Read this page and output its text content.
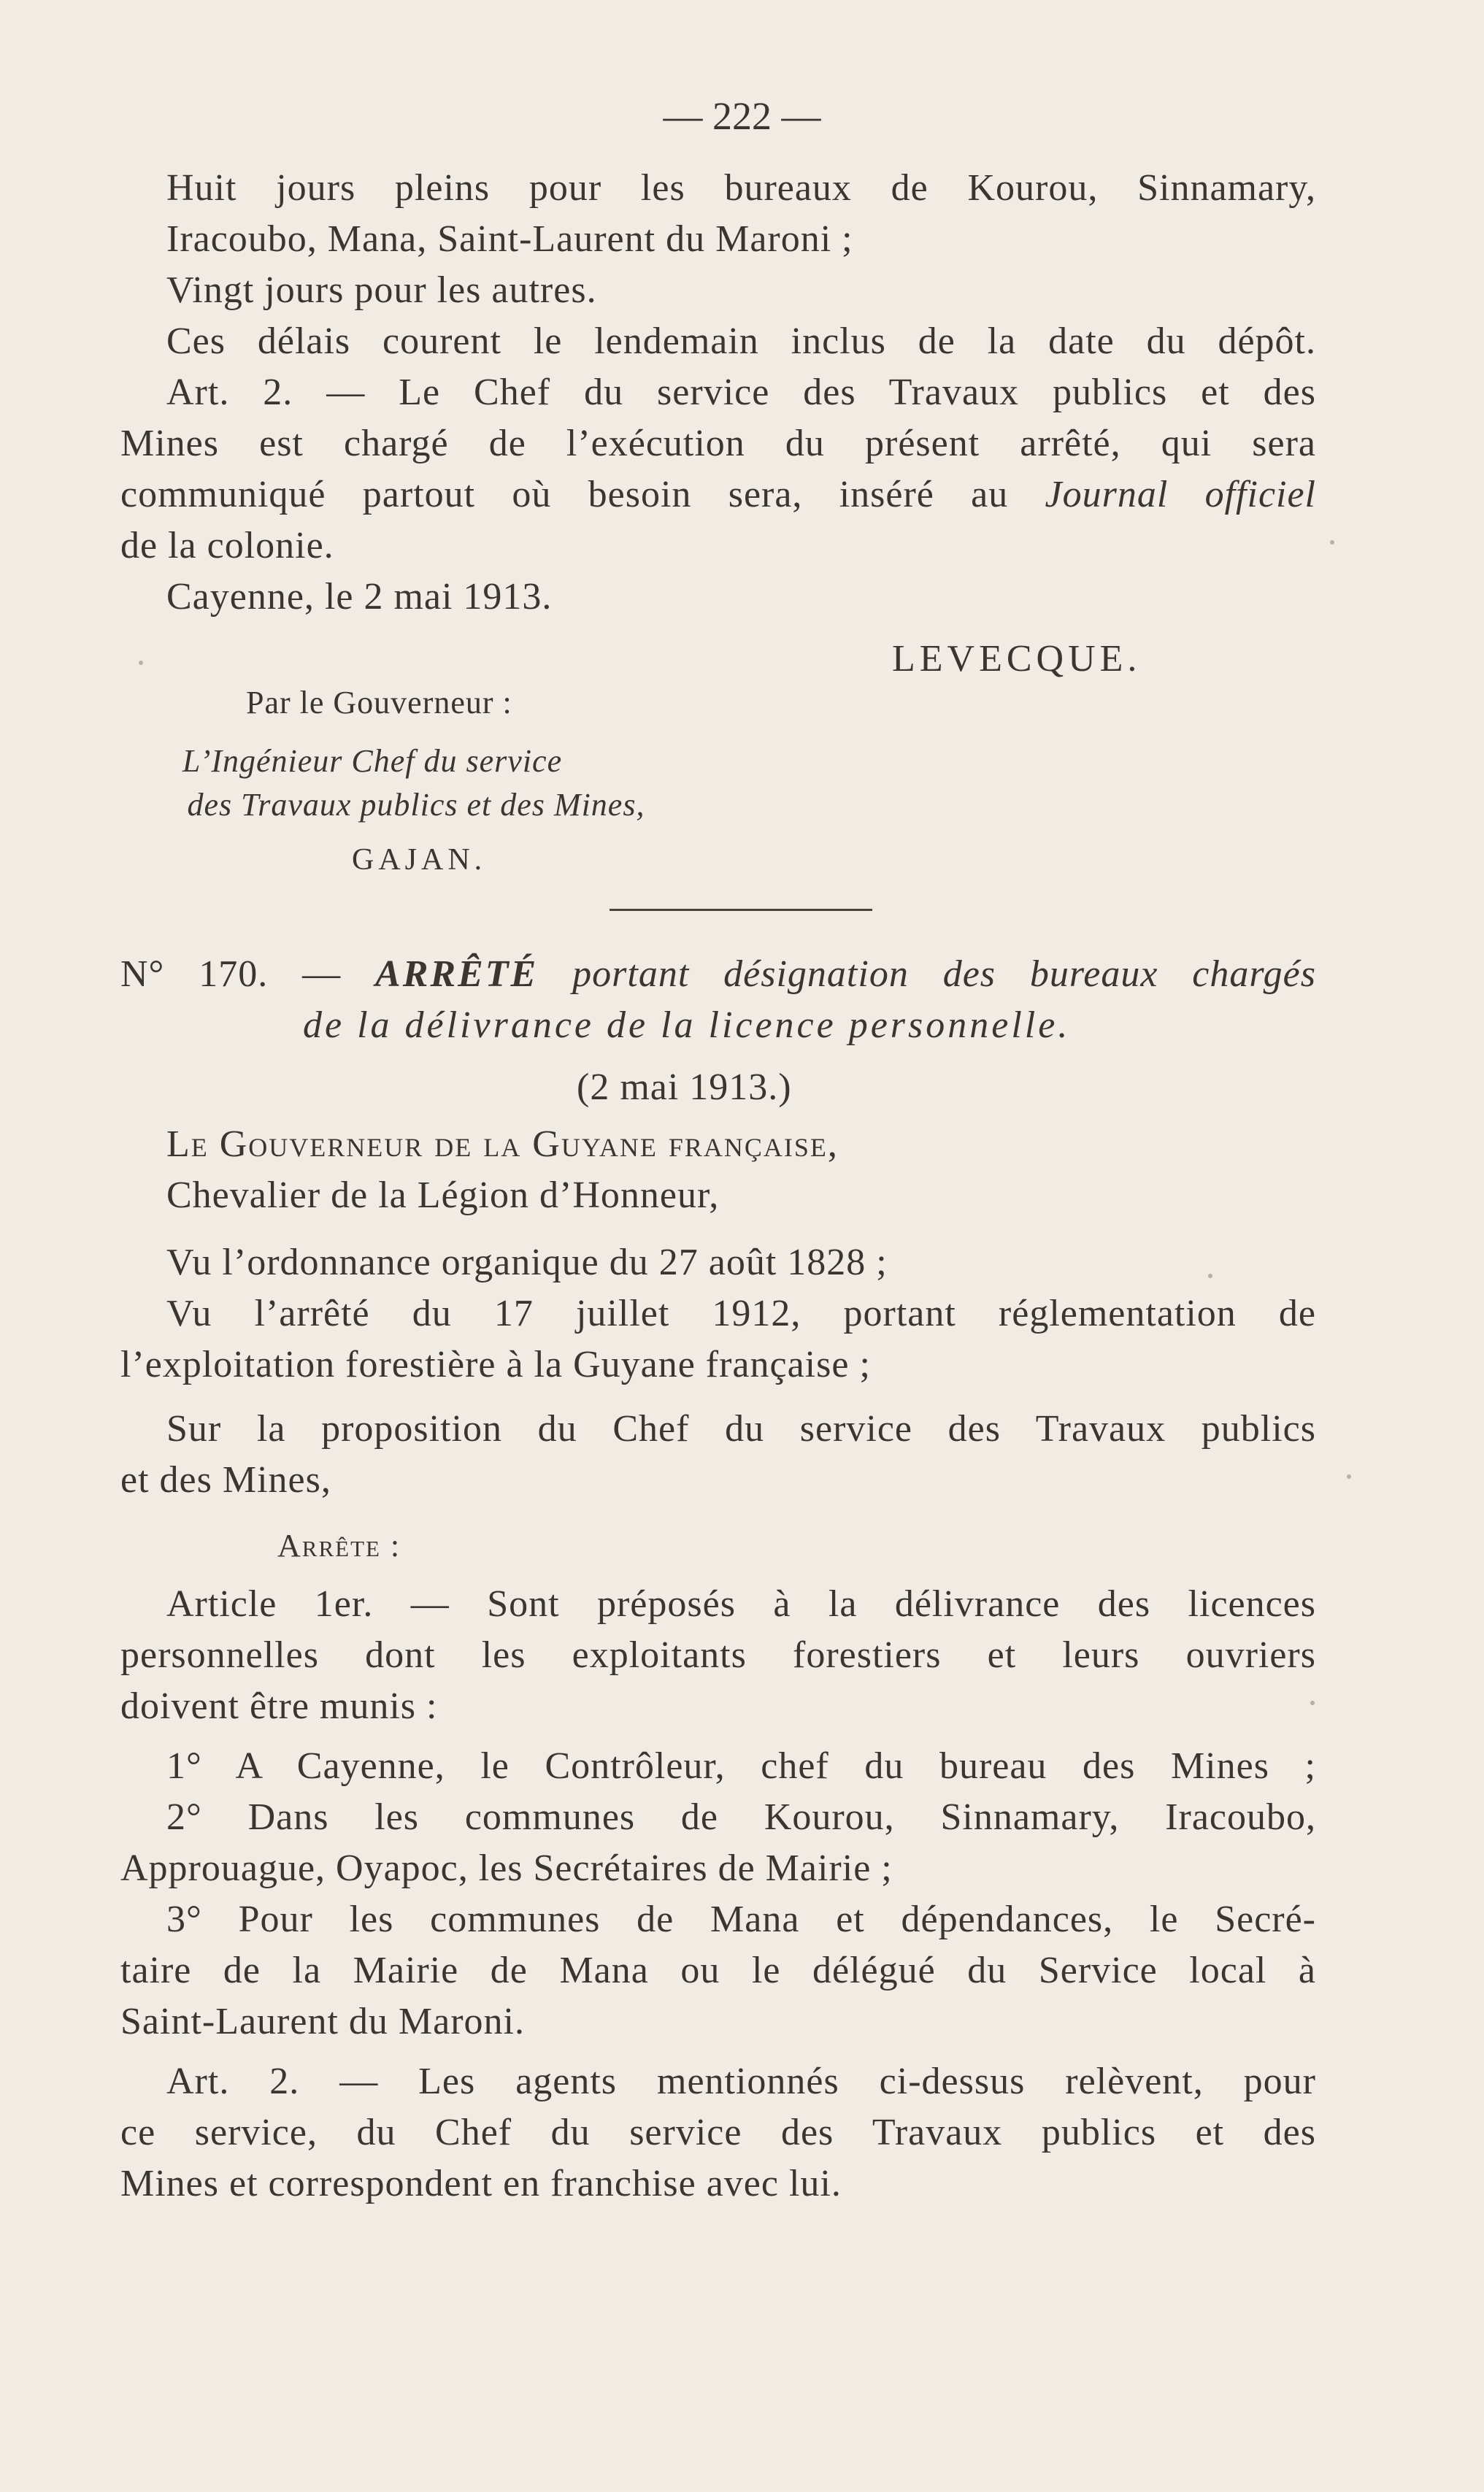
— 222 —
Huit jours pleins pour les bureaux de Kourou, Sinnamary,
Iracoubo, Mana, Saint-Laurent du Maroni ;
Vingt jours pour les autres.
Ces délais courent le lendemain inclus de la date du dépôt.
Art. 2. — Le Chef du service des Travaux publics et des
Mines est chargé de l’exécution du présent arrêté, qui sera
communiqué partout où besoin sera, inséré au Journal officiel
de la colonie.
Cayenne, le 2 mai 1913.
LEVECQUE.
Par le Gouverneur :
L’Ingénieur Chef du service
des Travaux publics et des Mines,
GAJAN.
N° 170. — ARRÊTÉ portant désignation des bureaux chargés
de la délivrance de la licence personnelle.
(2 mai 1913.)
Le Gouverneur de la Guyane française,
Chevalier de la Légion d’Honneur,
Vu l’ordonnance organique du 27 août 1828 ;
Vu l’arrêté du 17 juillet 1912, portant réglementation de
l’exploitation forestière à la Guyane française ;
Sur la proposition du Chef du service des Travaux publics
et des Mines,
Arrête :
Article 1er. — Sont préposés à la délivrance des licences
personnelles dont les exploitants forestiers et leurs ouvriers
doivent être munis :
1° A Cayenne, le Contrôleur, chef du bureau des Mines ;
2° Dans les communes de Kourou, Sinnamary, Iracoubo,
Approuague, Oyapoc, les Secrétaires de Mairie ;
3° Pour les communes de Mana et dépendances, le Secré-
taire de la Mairie de Mana ou le délégué du Service local à
Saint-Laurent du Maroni.
Art. 2. — Les agents mentionnés ci-dessus relèvent, pour
ce service, du Chef du service des Travaux publics et des
Mines et correspondent en franchise avec lui.
